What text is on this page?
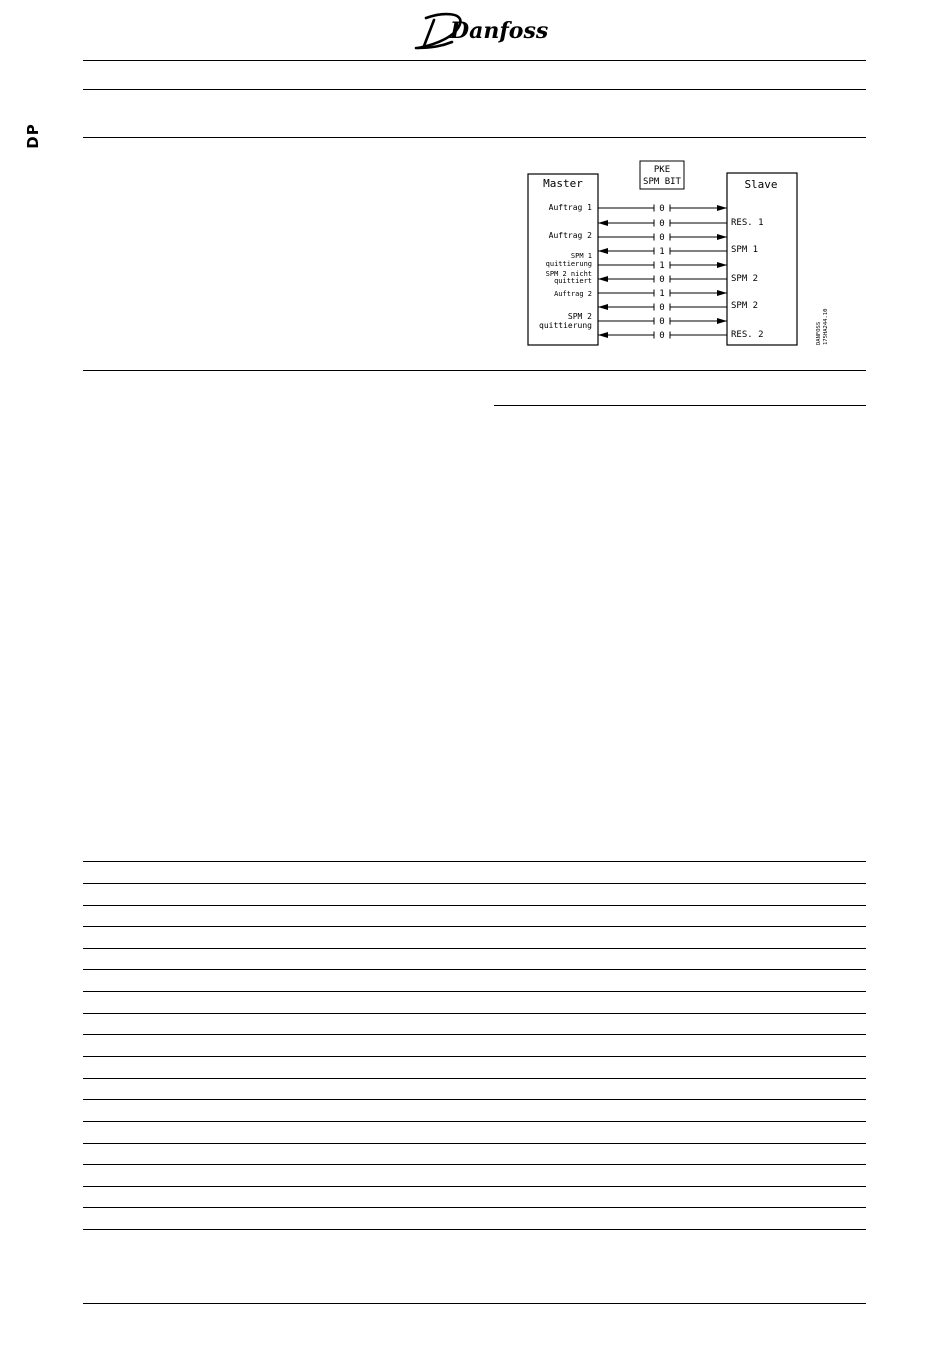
Danfoss
DP
PKE
SPM BIT
Master	Slave
0
0
0
1
1
0
1
0
0
0
Auftrag 1
Auftrag 2
SPM 1
quittierung
SPM 2 nicht
quittiert
Auftrag 2
SPM 2
quittierung
RES. 1
SPM 1
SPM 2
SPM 2
RES. 2	DANFOSS 175HA244.10
